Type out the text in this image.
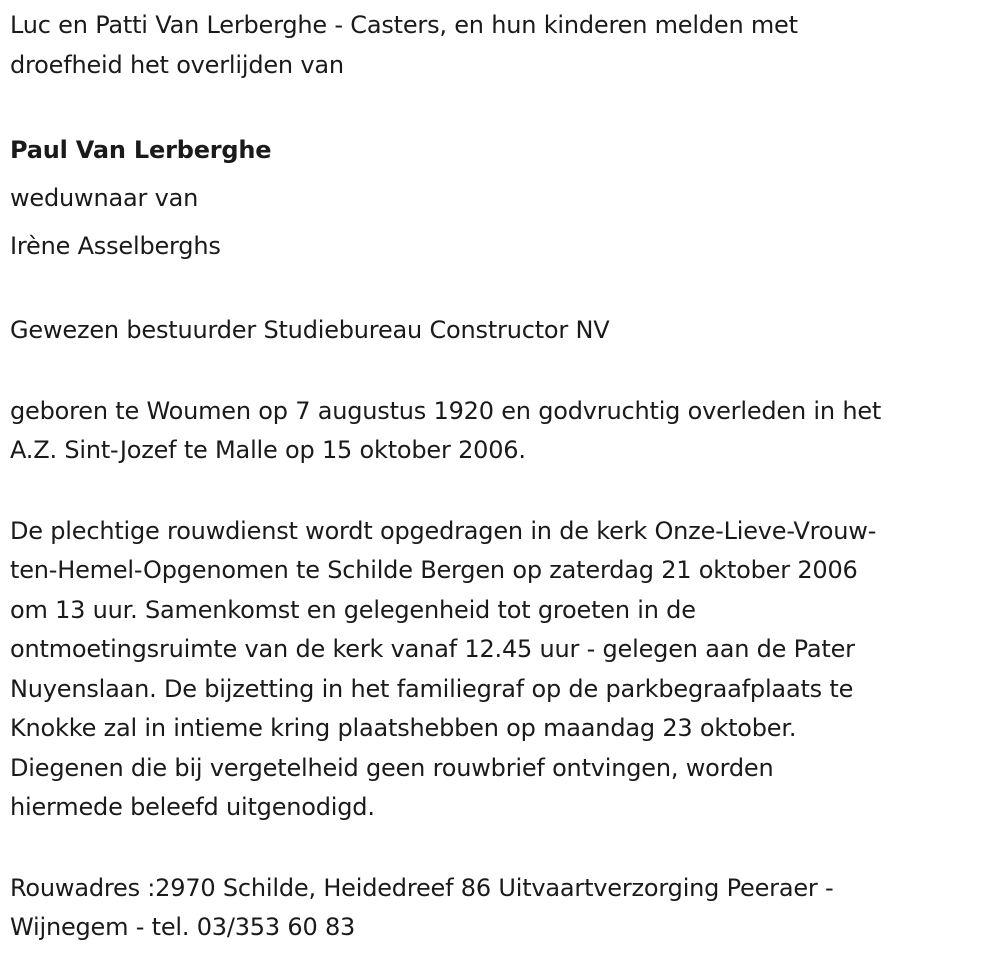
Luc en Patti Van Lerberghe - Casters, en hun kinderen melden met
droefheid het overlijden van
Paul Van Lerberghe
weduwnaar van
Irène Asselberghs
Gewezen bestuurder Studiebureau Constructor NV
geboren te Woumen op 7 augustus 1920 en godvruchtig overleden in het
A.Z. Sint-Jozef te Malle op 15 oktober 2006.
De plechtige rouwdienst wordt opgedragen in de kerk Onze-Lieve-Vrouw-
ten-Hemel-Opgenomen te Schilde Bergen op zaterdag 21 oktober 2006
om 13 uur. Samenkomst en gelegenheid tot groeten in de
ontmoetingsruimte van de kerk vanaf 12.45 uur - gelegen aan de Pater
Nuyenslaan. De bijzetting in het familiegraf op de parkbegraafplaats te
Knokke zal in intieme kring plaatshebben op maandag 23 oktober.
Diegenen die bij vergetelheid geen rouwbrief ontvingen, worden
hiermede beleefd uitgenodigd.
Rouwadres :2970 Schilde, Heidedreef 86 Uitvaartverzorging Peeraer -
Wijnegem - tel. 03/353 60 83
